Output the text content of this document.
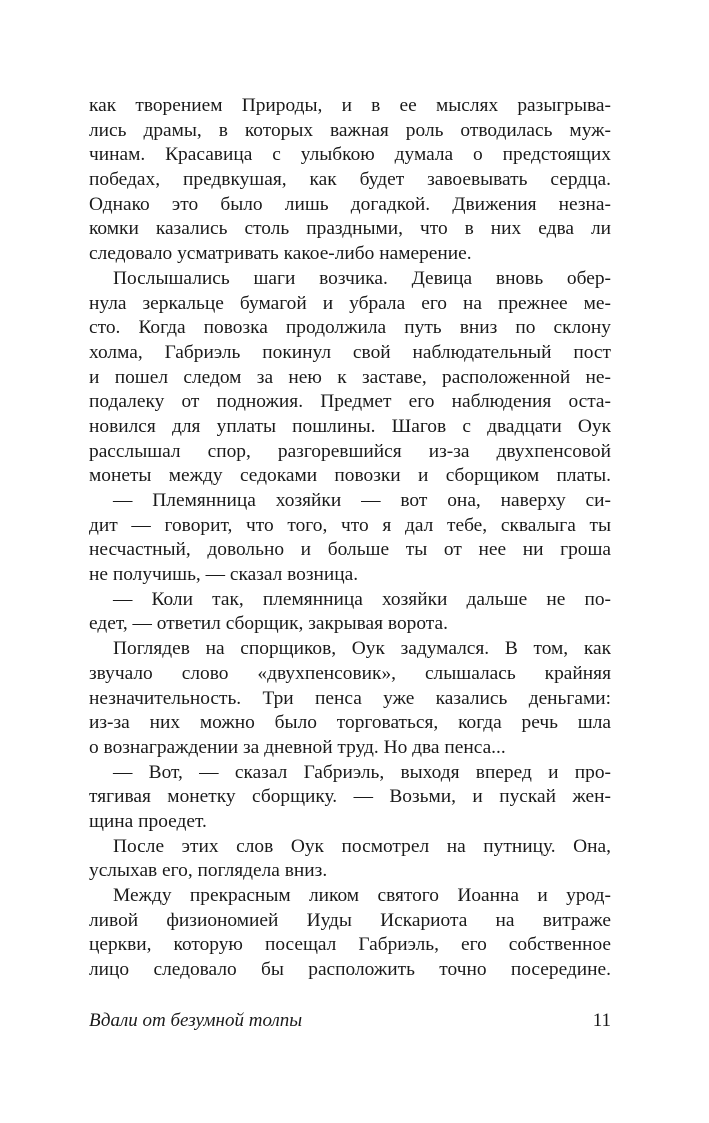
как творением Природы, и в ее мыслях разыгрыва-
лись драмы, в которых важная роль отводилась муж-
чинам. Красавица с улыбкою думала о предстоящих
победах, предвкушая, как будет завоевывать сердца.
Однако это было лишь догадкой. Движения незна-
комки казались столь праздными, что в них едва ли
следовало усматривать какое-либо намерение.
Послышались шаги возчика. Девица вновь обер-
нула зеркальце бумагой и убрала его на прежнее ме-
сто. Когда повозка продолжила путь вниз по склону
холма, Габриэль покинул свой наблюдательный пост
и пошел следом за нею к заставе, расположенной не-
подалеку от подножия. Предмет его наблюдения оста-
новился для уплаты пошлины. Шагов с двадцати Оук
расслышал спор, разгоревшийся из-за двухпенсовой
монеты между седоками повозки и сборщиком платы.
— Племянница хозяйки — вот она, наверху си-
дит — говорит, что того, что я дал тебе, сквалыга ты
несчастный, довольно и больше ты от нее ни гроша
не получишь, — сказал возница.
— Коли так, племянница хозяйки дальше не по-
едет, — ответил сборщик, закрывая ворота.
Поглядев на спорщиков, Оук задумался. В том, как
звучало слово «двухпенсовик», слышалась крайняя
незначительность. Три пенса уже казались деньгами:
из-за них можно было торговаться, когда речь шла
о вознаграждении за дневной труд. Но два пенса...
— Вот, — сказал Габриэль, выходя вперед и про-
тягивая монетку сборщику. — Возьми, и пускай жен-
щина проедет.
После этих слов Оук посмотрел на путницу. Она,
услыхав его, поглядела вниз.
Между прекрасным ликом святого Иоанна и урод-
ливой физиономией Иуды Искариота на витраже
церкви, которую посещал Габриэль, его собственное
лицо следовало бы расположить точно посередине.
Вдали от безумной толпы	11
